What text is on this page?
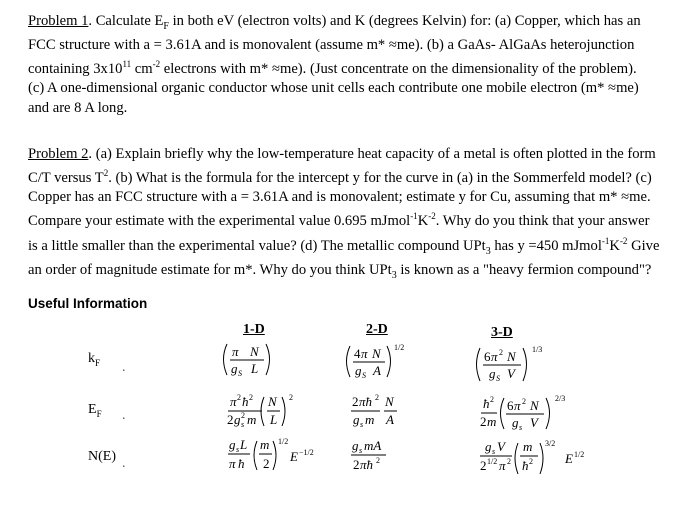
Problem 1. Calculate $E_F$ in both eV (electron volts) and K (degrees Kelvin) for: (a) Copper, which has an
FCC structure with a = 3.61A and is monovalent (assume m* ≈me). (b) a GaAs- AlGaAs heterojunction
containing $3x10^{11}$ $cm^{-2}$ electrons with m* ≈me). (Just concentrate on the dimensionality of the problem).
(c) A one-dimensional organic conductor whose unit cells each contribute one mobile electron (m* ≈me)
and are 8 A long.

Problem 2. (a) Explain briefly why the low-temperature heat capacity of a metal is often plotted in the form
C/T versus $T^2$. (b) What is the formula for the intercept y for the curve in (a) in the Sommerfeld model? (c)
Copper has an FCC structure with a = 3.61A and is monovalent; estimate y for Cu, assuming that m* ≈me.
Compare your estimate with the experimental value 0.695 $mJmol^{-1}K^{-2}$. Why do you think that your answer
is a little smaller than the experimental value? (d) The metallic compound UPt$_3$ has y =450 $mJmol^{-1}K^{-2}$ Give
an order of magnitude estimate for m*. Why do you think UPt$_3$ is known as a "heavy fermion compound"?

Useful Information
1-D	2-D	3-D
$k_F$
$E_F$
N(E)
.
.
.
π N
g S L
π 2 ħ 2
2 g 2
s m
N
L
2
g s L
π ħ
m
2
1/2
E −1/2
4 π N
g S A
1/2
2 πħ 2
g s m
N
A
g s mA
2 πħ 2
6 π 2 N
g S V
1/3
ħ 2
2 m
6 π 2 N
g s V
2/3
g s V
2 1/2 π 2
m
ħ 2
3/2
E 1/2
